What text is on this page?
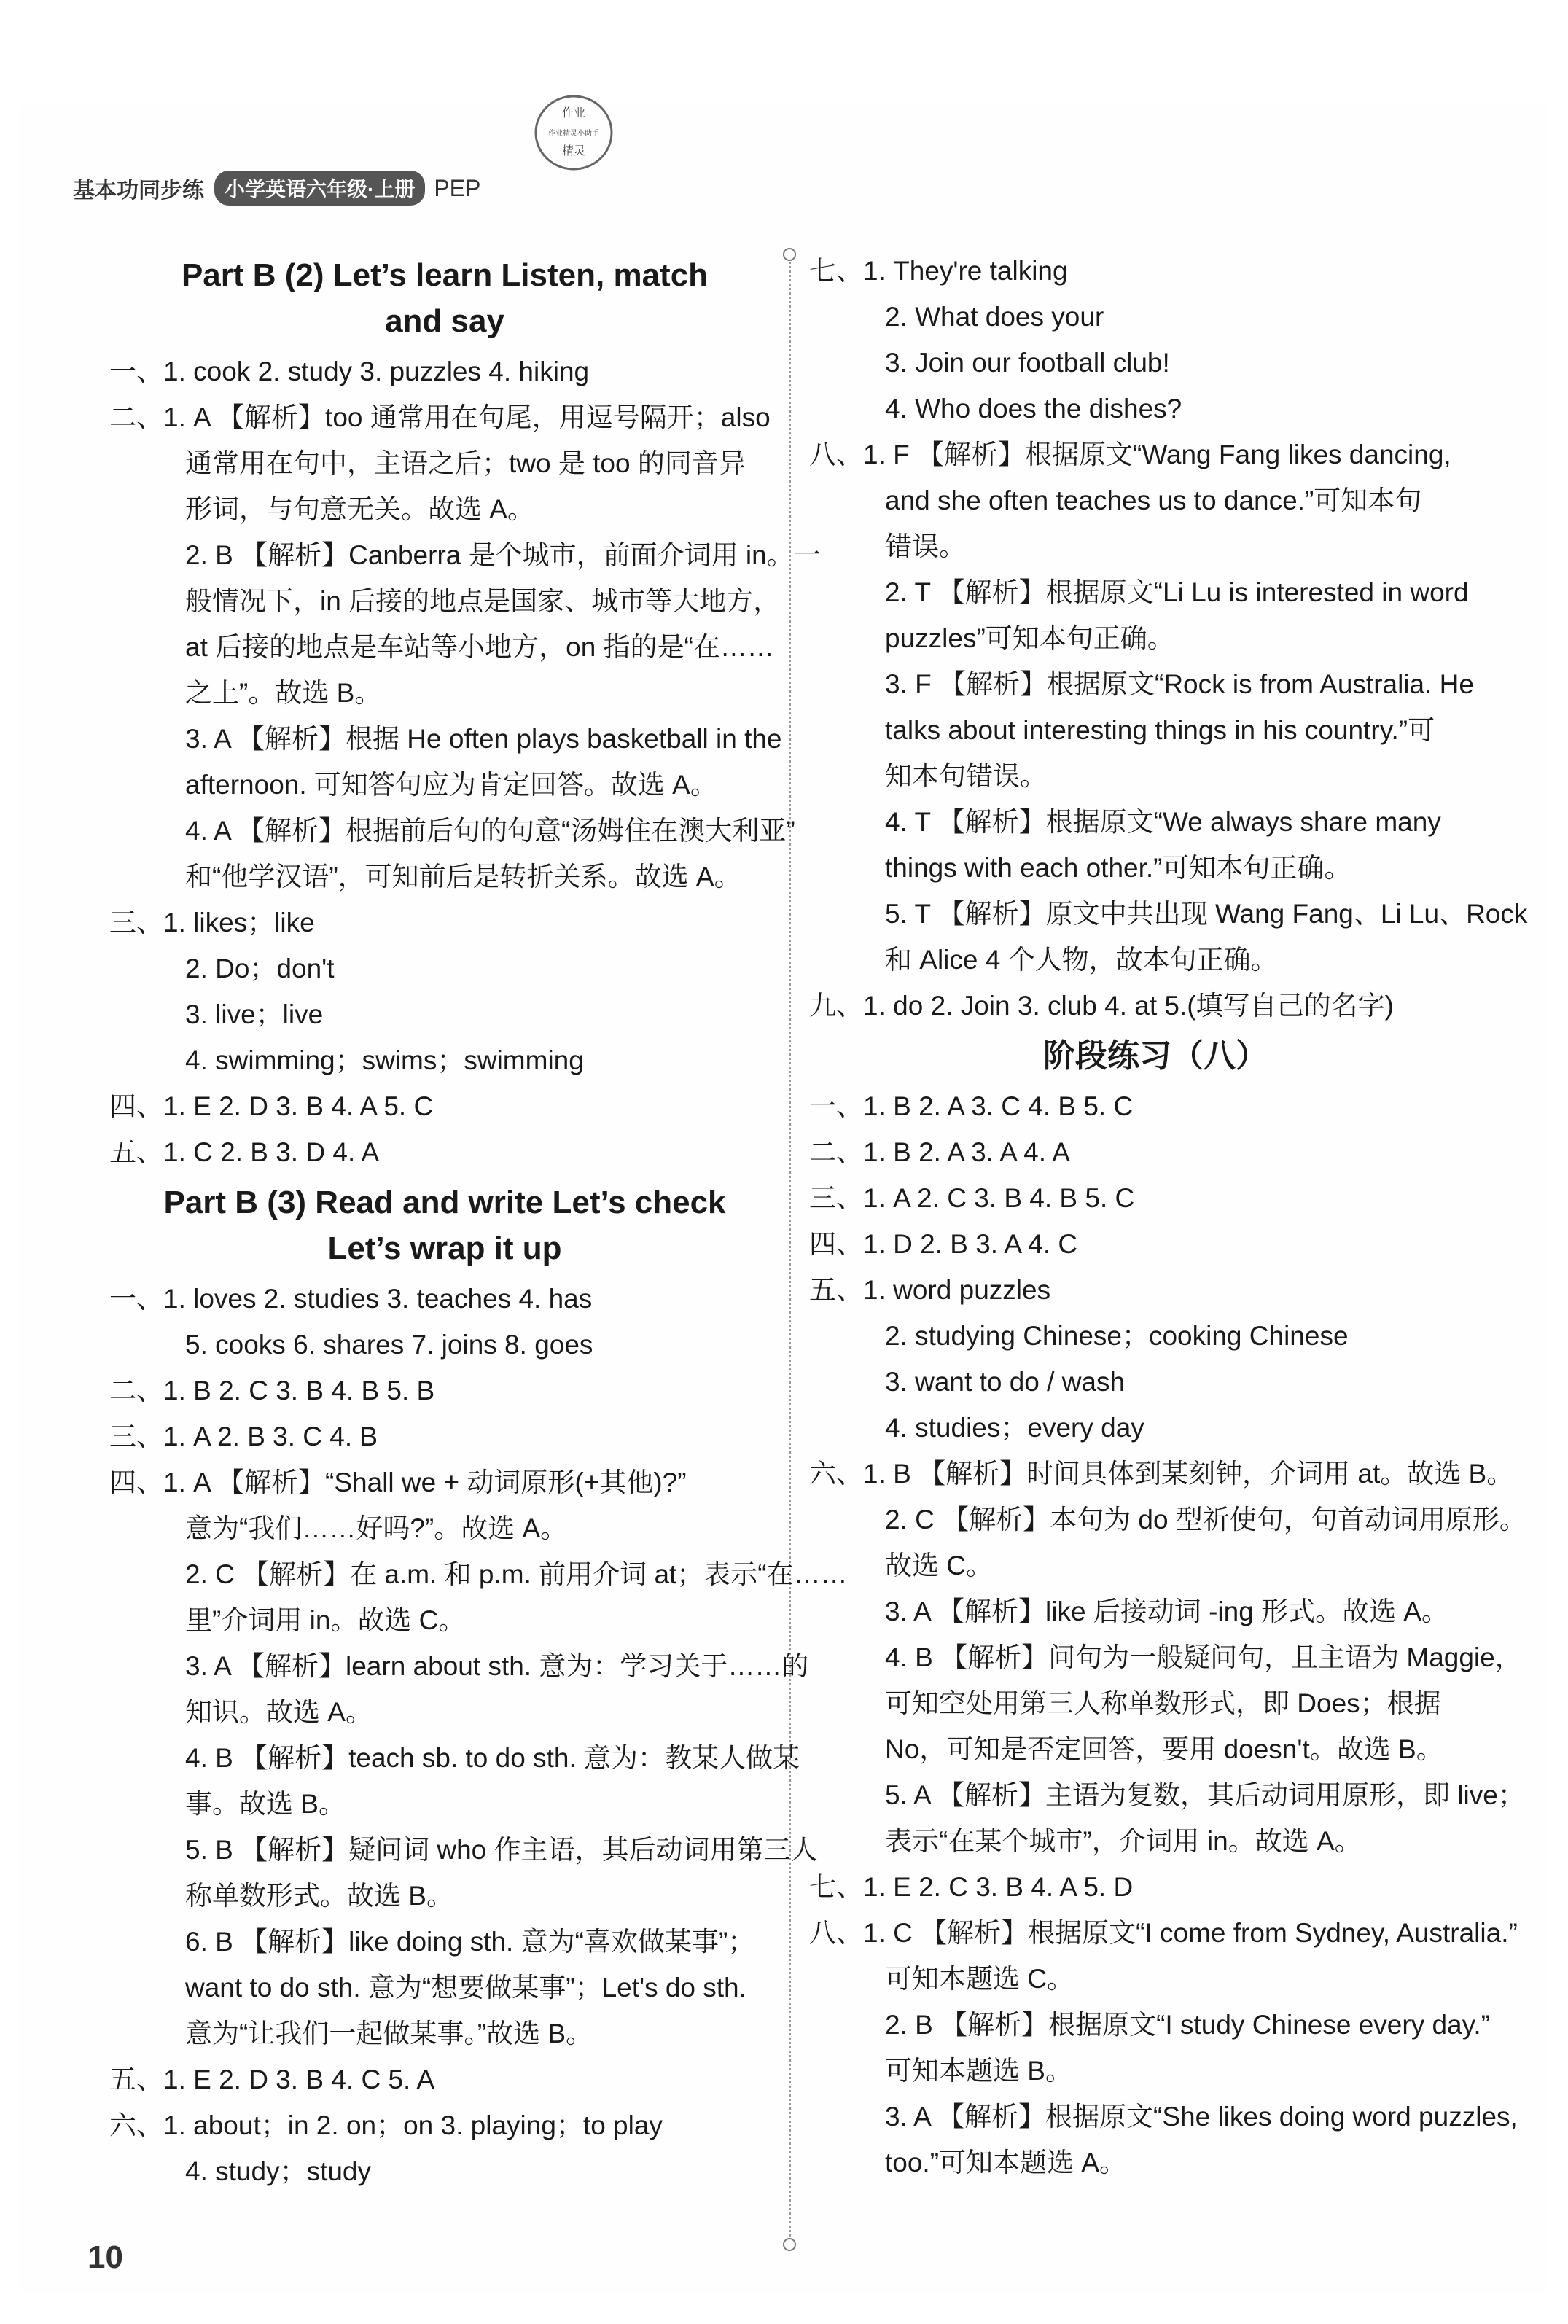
基本功同步练	小学英语六年级·上册 PEP
作业
作业精灵小助手
精灵
Part B (2) Let’s learn Listen, match
and say
一、1. cook 2. study 3. puzzles 4. hiking
二、1. A 【解析】too 通常用在句尾，用逗号隔开；also
通常用在句中，主语之后；two 是 too 的同音异
形词，与句意无关。故选 A。
2. B 【解析】Canberra 是个城市，前面介词用 in。一
般情况下，in 后接的地点是国家、城市等大地方，
at 后接的地点是车站等小地方，on 指的是“在……
之上”。故选 B。
3. A 【解析】根据 He often plays basketball in the
afternoon. 可知答句应为肯定回答。故选 A。
4. A 【解析】根据前后句的句意“汤姆住在澳大利亚”
和“他学汉语”，可知前后是转折关系。故选 A。
三、1. likes；like
2. Do；don't
3. live；live
4. swimming；swims；swimming
四、1. E 2. D 3. B 4. A 5. C
五、1. C 2. B 3. D 4. A
Part B (3) Read and write Let’s check
Let’s wrap it up
一、1. loves 2. studies 3. teaches 4. has
5. cooks 6. shares 7. joins 8. goes
二、1. B 2. C 3. B 4. B 5. B
三、1. A 2. B 3. C 4. B
四、1. A 【解析】“Shall we + 动词原形(+其他)?”
意为“我们……好吗?”。故选 A。
2. C 【解析】在 a.m. 和 p.m. 前用介词 at；表示“在……
里”介词用 in。故选 C。
3. A 【解析】learn about sth. 意为：学习关于……的
知识。故选 A。
4. B 【解析】teach sb. to do sth. 意为：教某人做某
事。故选 B。
5. B 【解析】疑问词 who 作主语，其后动词用第三人
称单数形式。故选 B。
6. B 【解析】like doing sth. 意为“喜欢做某事”；
want to do sth. 意为“想要做某事”；Let's do sth.
意为“让我们一起做某事。”故选 B。
五、1. E 2. D 3. B 4. C 5. A
六、1. about；in 2. on；on 3. playing；to play
4. study；study
七、1. They're talking
2. What does your
3. Join our football club!
4. Who does the dishes?
八、1. F 【解析】根据原文“Wang Fang likes dancing,
and she often teaches us to dance.”可知本句
错误。
2. T 【解析】根据原文“Li Lu is interested in word
puzzles”可知本句正确。
3. F 【解析】根据原文“Rock is from Australia. He
talks about interesting things in his country.”可
知本句错误。
4. T 【解析】根据原文“We always share many
things with each other.”可知本句正确。
5. T 【解析】原文中共出现 Wang Fang、Li Lu、Rock
和 Alice 4 个人物，故本句正确。
九、1. do 2. Join 3. club 4. at 5.(填写自己的名字)
阶段练习（八）
一、1. B 2. A 3. C 4. B 5. C
二、1. B 2. A 3. A 4. A
三、1. A 2. C 3. B 4. B 5. C
四、1. D 2. B 3. A 4. C
五、1. word puzzles
2. studying Chinese；cooking Chinese
3. want to do / wash
4. studies；every day
六、1. B 【解析】时间具体到某刻钟，介词用 at。故选 B。
2. C 【解析】本句为 do 型祈使句，句首动词用原形。
故选 C。
3. A 【解析】like 后接动词 -ing 形式。故选 A。
4. B 【解析】问句为一般疑问句，且主语为 Maggie，
可知空处用第三人称单数形式，即 Does；根据
No，可知是否定回答，要用 doesn't。故选 B。
5. A 【解析】主语为复数，其后动词用原形，即 live；
表示“在某个城市”，介词用 in。故选 A。
七、1. E 2. C 3. B 4. A 5. D
八、1. C 【解析】根据原文“I come from Sydney, Australia.”
可知本题选 C。
2. B 【解析】根据原文“I study Chinese every day.”
可知本题选 B。
3. A 【解析】根据原文“She likes doing word puzzles,
too.”可知本题选 A。
10
